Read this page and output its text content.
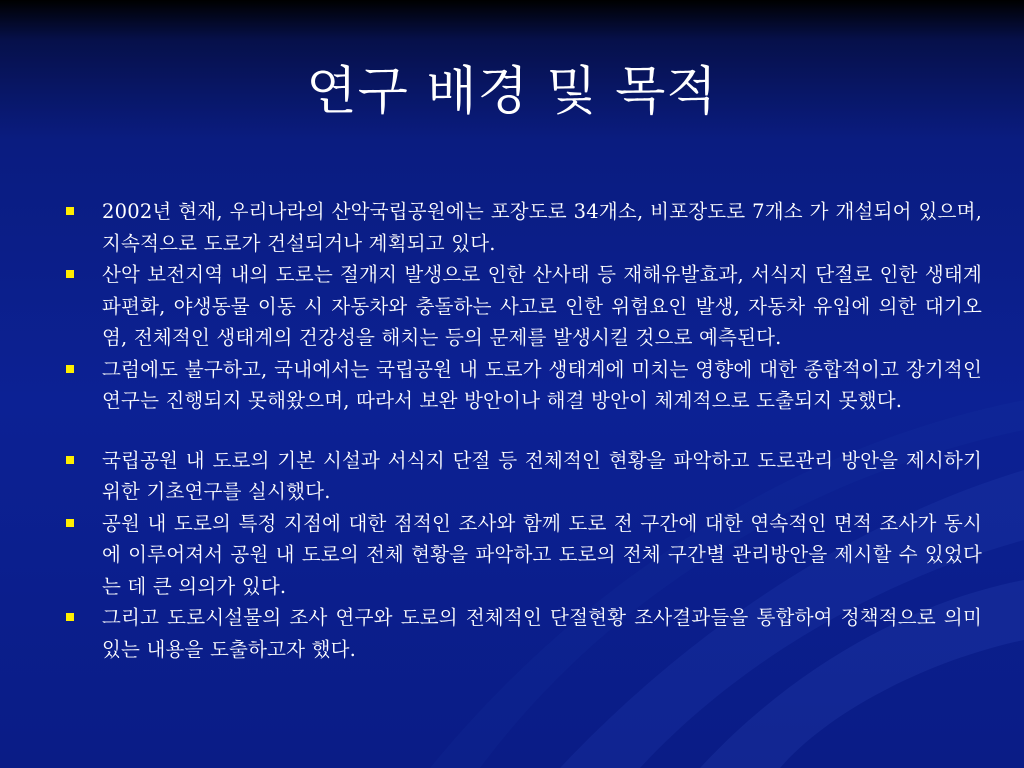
연구 배경 및 목적
2002년 현재, 우리나라의 산악국립공원에는 포장도로 34개소, 비포장도로 7개소 가 개설되어 있으며, 지속적으로 도로가 건설되거나 계획되고 있다.
산악 보전지역 내의 도로는 절개지 발생으로 인한 산사태 등 재해유발효과, 서식지 단절로 인한 생태계 파편화, 야생동물 이동 시 자동차와 충돌하는 사고로 인한 위험요인 발생, 자동차 유입에 의한 대기오염, 전체적인 생태계의 건강성을 해치는 등의 문제를 발생시킬 것으로 예측된다.
그럼에도 불구하고, 국내에서는 국립공원 내 도로가 생태계에 미치는 영향에 대한 종합적이고 장기적인 연구는 진행되지 못해왔으며, 따라서 보완 방안이나 해결 방안이 체계적으로 도출되지 못했다.
국립공원 내 도로의 기본 시설과 서식지 단절 등 전체적인 현황을 파악하고 도로관리 방안을 제시하기 위한 기초연구를 실시했다.
공원 내 도로의 특정 지점에 대한 점적인 조사와 함께 도로 전 구간에 대한 연속적인 면적 조사가 동시에 이루어져서 공원 내 도로의 전체 현황을 파악하고 도로의 전체 구간별 관리방안을 제시할 수 있었다는 데 큰 의의가 있다.
그리고 도로시설물의 조사 연구와 도로의 전체적인 단절현황 조사결과들을 통합하여 정책적으로 의미 있는 내용을 도출하고자 했다.
